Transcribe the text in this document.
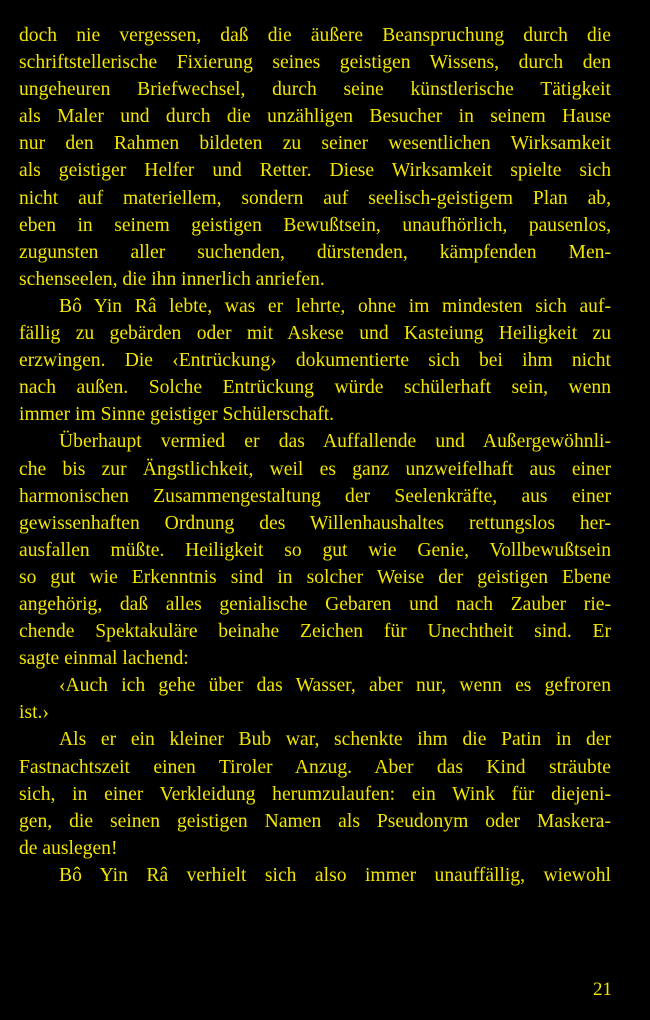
doch nie vergessen, daß die äußere Beanspruchung durch die
schriftstellerische Fixierung seines geistigen Wissens, durch den
ungeheuren Briefwechsel, durch seine künstlerische Tätigkeit
als Maler und durch die unzähligen Besucher in seinem Hause
nur den Rahmen bildeten zu seiner wesentlichen Wirksamkeit
als geistiger Helfer und Retter. Diese Wirksamkeit spielte sich
nicht auf materiellem, sondern auf seelisch-geistigem Plan ab,
eben in seinem geistigen Bewußtsein, unaufhörlich, pausenlos,
zugunsten aller suchenden, dürstenden, kämpfenden Men-
schenseelen, die ihn innerlich anriefen.
Bô Yin Râ lebte, was er lehrte, ohne im mindesten sich auf-
fällig zu gebärden oder mit Askese und Kasteiung Heiligkeit zu
erzwingen. Die ‹Entrückung› dokumentierte sich bei ihm nicht
nach außen. Solche Entrückung würde schülerhaft sein, wenn
immer im Sinne geistiger Schülerschaft.
Überhaupt vermied er das Auffallende und Außergewöhnli-
che bis zur Ängstlichkeit, weil es ganz unzweifelhaft aus einer
harmonischen Zusammengestaltung der Seelenkräfte, aus einer
gewissenhaften Ordnung des Willenhaushaltes rettungslos her-
ausfallen müßte. Heiligkeit so gut wie Genie, Vollbewußtsein
so gut wie Erkenntnis sind in solcher Weise der geistigen Ebene
angehörig, daß alles genialische Gebaren und nach Zauber rie-
chende Spektakuläre beinahe Zeichen für Unechtheit sind. Er
sagte einmal lachend:
‹Auch ich gehe über das Wasser, aber nur, wenn es gefroren
ist.›
Als er ein kleiner Bub war, schenkte ihm die Patin in der
Fastnachtszeit einen Tiroler Anzug. Aber das Kind sträubte
sich, in einer Verkleidung herumzulaufen: ein Wink für diejeni-
gen, die seinen geistigen Namen als Pseudonym oder Maskera-
de auslegen!
Bô Yin Râ verhielt sich also immer unauffällig, wiewohl
21
